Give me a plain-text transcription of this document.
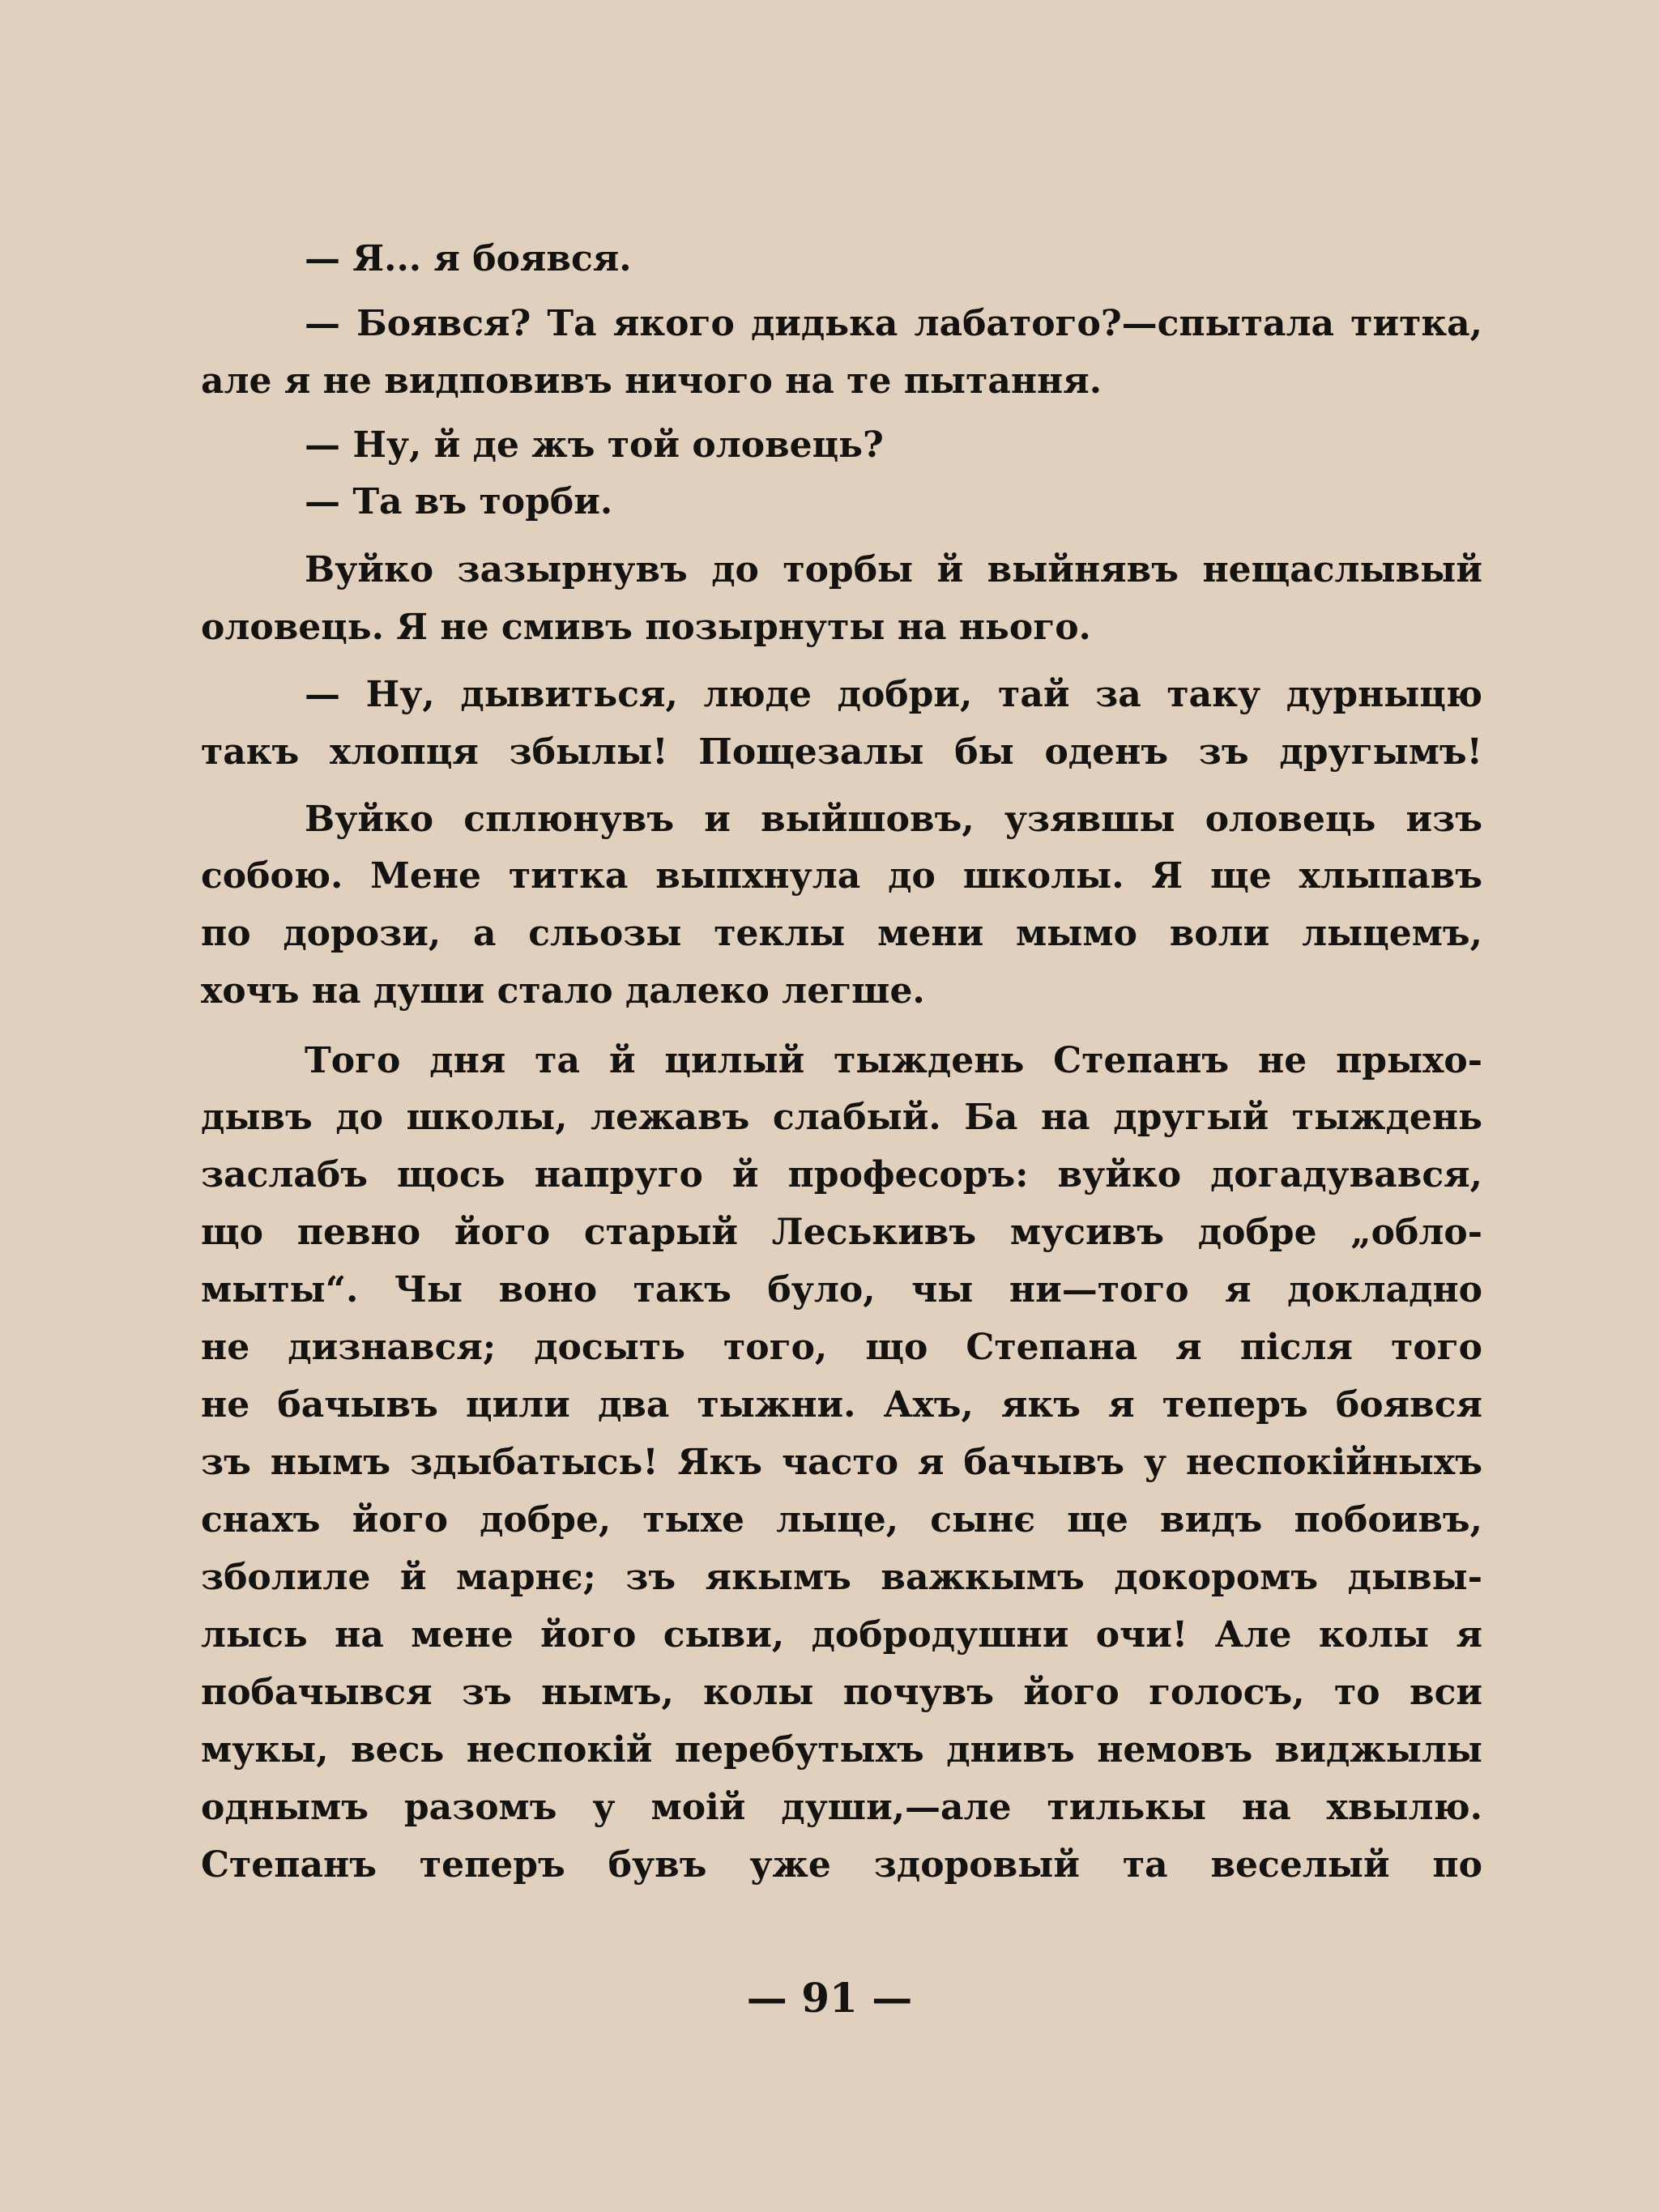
— Я... я боявся.
— Боявся? Та якого дидька лабатого?—спытала титка,
але я не видповивъ ничого на те пытання.
— Ну, й де жъ той оловець?
— Та въ торби.
Вуйко зазырнувъ до торбы й выйнявъ нещаслывый
оловець. Я не смивъ позырнуты на нього.
— Ну, дывиться, люде добри, тай за таку дурныцю
такъ хлопця збылы! Пощезалы бы оденъ зъ другымъ!
Вуйко сплюнувъ и выйшовъ, узявшы оловець изъ
собою. Мене титка выпхнула до школы. Я ще хлыпавъ
по дорози, а сльозы теклы мени мымо воли лыцемъ,
хочъ на души стало далеко легше.
Того дня та й цилый тыждень Степанъ не прыхо-
дывъ до школы, лежавъ слабый. Ба на другый тыждень
заслабъ щось напруго й професоръ: вуйко догадувався,
що певно його старый Леськивъ мусивъ добре „обло-
мыты“. Чы воно такъ було, чы ни—того я докладно
не дизнався; досыть того, що Степана я пiсля того
не бачывъ цили два тыжни. Ахъ, якъ я теперъ боявся
зъ нымъ здыбатысь! Якъ часто я бачывъ у неспокiйныхъ
снахъ його добре, тыхе лыце, сынє ще видъ побоивъ,
зболиле й марнє; зъ якымъ важкымъ докоромъ дывы-
лысь на мене його сыви, добродушни очи! Але колы я
побачывся зъ нымъ, колы почувъ його голосъ, то вси
мукы, весь неспокiй перебутыхъ днивъ немовъ виджылы
однымъ разомъ у моiй души,—але тилькы на хвылю.
Степанъ теперъ бувъ уже здоровый та веселый по
— 91 —
